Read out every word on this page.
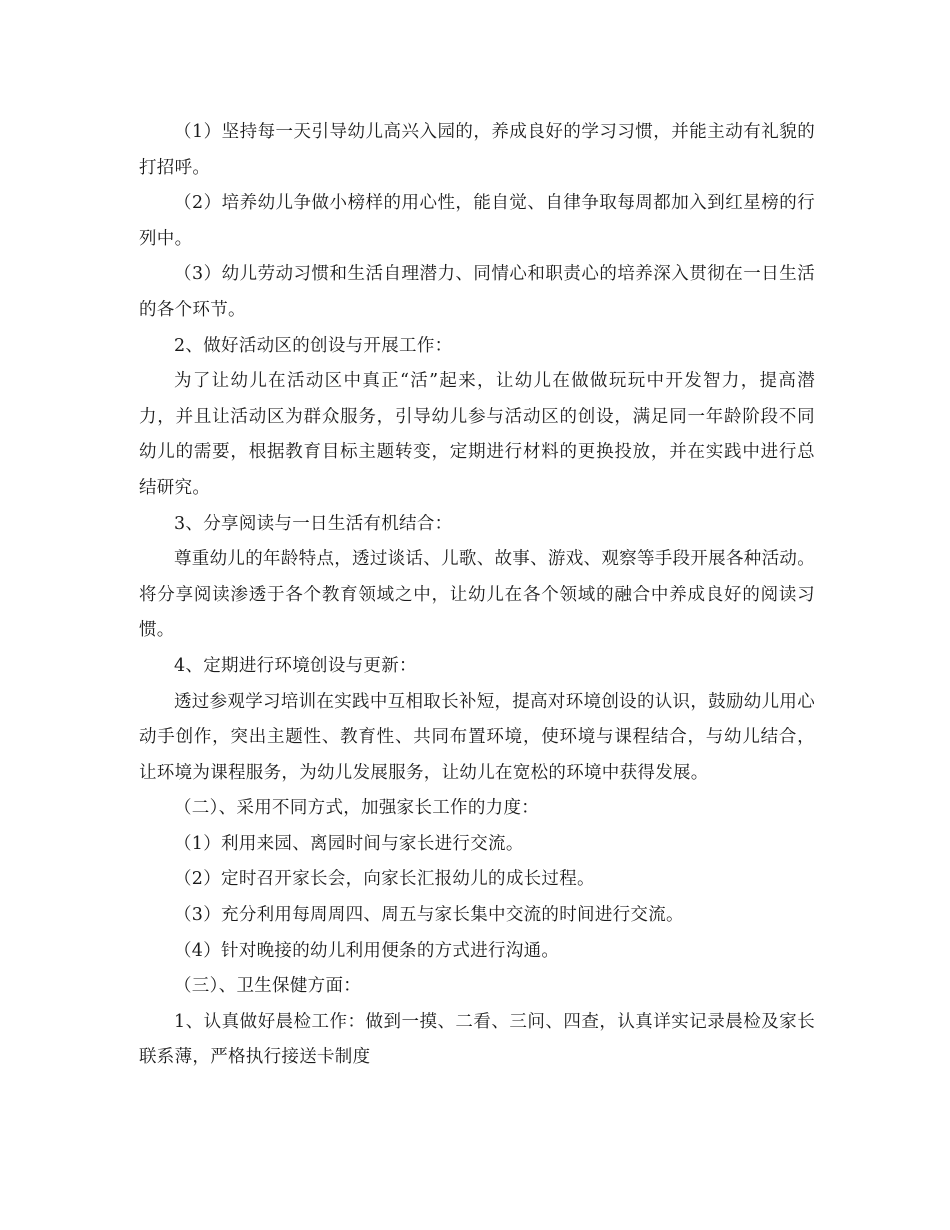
（1）坚持每一天引导幼儿高兴入园的，养成良好的学习习惯，并能主动有礼貌的打招呼。

（2）培养幼儿争做小榜样的用心性，能自觉、自律争取每周都加入到红星榜的行列中。

（3）幼儿劳动习惯和生活自理潜力、同情心和职责心的培养深入贯彻在一日生活的各个环节。

2、做好活动区的创设与开展工作：

为了让幼儿在活动区中真正“活”起来，让幼儿在做做玩玩中开发智力，提高潜力，并且让活动区为群众服务，引导幼儿参与活动区的创设，满足同一年龄阶段不同幼儿的需要，根据教育目标主题转变，定期进行材料的更换投放，并在实践中进行总结研究。

3、分享阅读与一日生活有机结合：

尊重幼儿的年龄特点，透过谈话、儿歌、故事、游戏、观察等手段开展各种活动。将分享阅读渗透于各个教育领域之中，让幼儿在各个领域的融合中养成良好的阅读习惯。

4、定期进行环境创设与更新：

透过参观学习培训在实践中互相取长补短，提高对环境创设的认识，鼓励幼儿用心动手创作，突出主题性、教育性、共同布置环境，使环境与课程结合，与幼儿结合，让环境为课程服务，为幼儿发展服务，让幼儿在宽松的环境中获得发展。

（二）、采用不同方式，加强家长工作的力度：

（1）利用来园、离园时间与家长进行交流。

（2）定时召开家长会，向家长汇报幼儿的成长过程。

（3）充分利用每周周四、周五与家长集中交流的时间进行交流。

（4）针对晚接的幼儿利用便条的方式进行沟通。

（三）、卫生保健方面：

1、认真做好晨检工作：做到一摸、二看、三问、四查，认真详实记录晨检及家长联系薄，严格执行接送卡制度
